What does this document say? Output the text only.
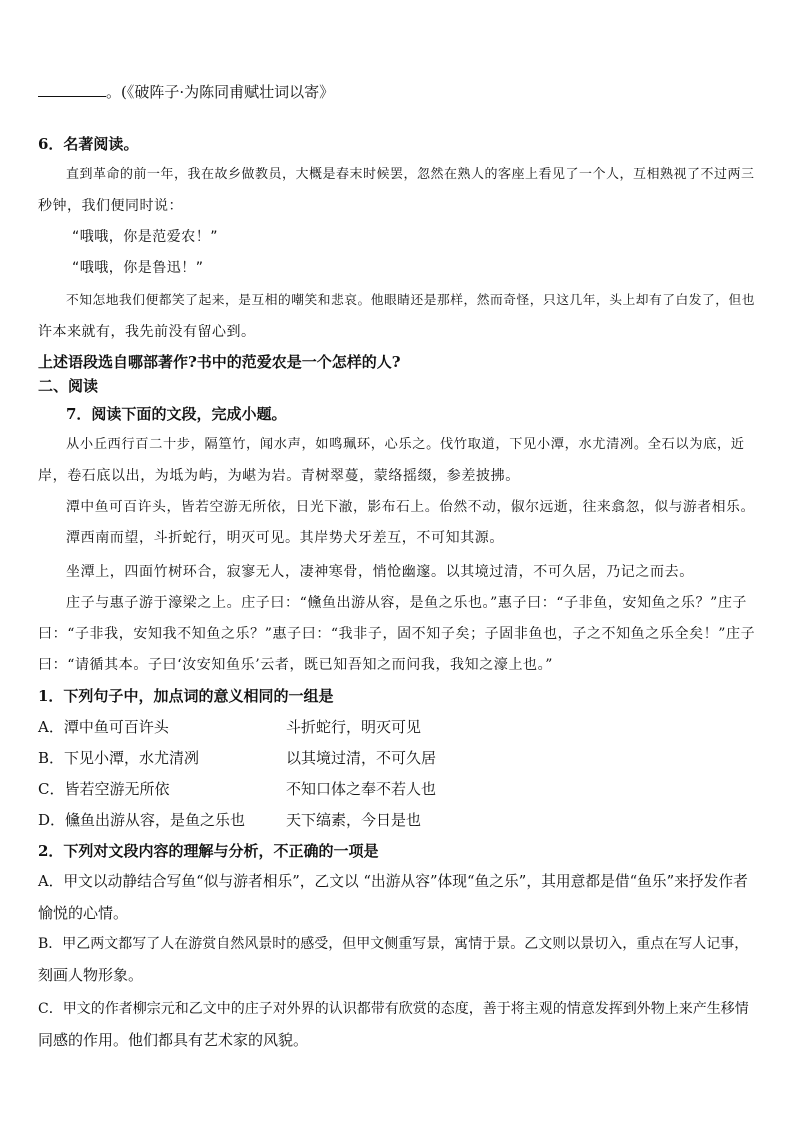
。(《破阵子·为陈同甫赋壮词以寄》
6．名著阅读。
直到革命的前一年，我在故乡做教员，大概是春末时候罢，忽然在熟人的客座上看见了一个人，互相熟视了不过两三
秒钟，我们便同时说：
“哦哦，你是范爱农！”
“哦哦，你是鲁迅！”
不知怎地我们便都笑了起来，是互相的嘲笑和悲哀。他眼睛还是那样，然而奇怪，只这几年，头上却有了白发了，但也
许本来就有，我先前没有留心到。
上述语段选自哪部著作?书中的范爱农是一个怎样的人?
二、阅读
7．阅读下面的文段，完成小题。
从小丘西行百二十步，隔篁竹，闻水声，如鸣珮环，心乐之。伐竹取道，下见小潭，水尤清冽。全石以为底，近
岸，卷石底以出，为坻为屿，为嵁为岩。青树翠蔓，蒙络摇缀，参差披拂。
潭中鱼可百许头，皆若空游无所依，日光下澈，影布石上。佁然不动，俶尔远逝，往来翕忽，似与游者相乐。
潭西南而望，斗折蛇行，明灭可见。其岸势犬牙差互，不可知其源。
坐潭上，四面竹树环合，寂寥无人，凄神寒骨，悄怆幽邃。以其境过清，不可久居，乃记之而去。
庄子与惠子游于濠梁之上。庄子曰：“儵鱼出游从容，是鱼之乐也。”惠子曰：“子非鱼，安知鱼之乐？”庄子
曰：“子非我，安知我不知鱼之乐？”惠子曰：“我非子，固不知子矣；子固非鱼也，子之不知鱼之乐全矣！”庄子
曰：“请循其本。子曰‘汝安知鱼乐’云者，既已知吾知之而问我，我知之濠上也。”
1．下列句子中，加点词的意义相同的一组是
A．潭中鱼可百许头	斗折蛇行，明灭可见
B．下见小潭，水尤清冽	以其境过清，不可久居
C．皆若空游无所依	不知口体之奉不若人也
D．儵鱼出游从容，是鱼之乐也	天下缟素，今日是也
2．下列对文段内容的理解与分析，不正确的一项是
A．甲文以动静结合写鱼“似与游者相乐”，乙文以 “出游从容”体现“鱼之乐”，其用意都是借“鱼乐”来抒发作者
愉悦的心情。
B．甲乙两文都写了人在游赏自然风景时的感受，但甲文侧重写景，寓情于景。乙文则以景切入，重点在写人记事，
刻画人物形象。
C．甲文的作者柳宗元和乙文中的庄子对外界的认识都带有欣赏的态度，善于将主观的情意发挥到外物上来产生移情
同感的作用。他们都具有艺术家的风貌。
